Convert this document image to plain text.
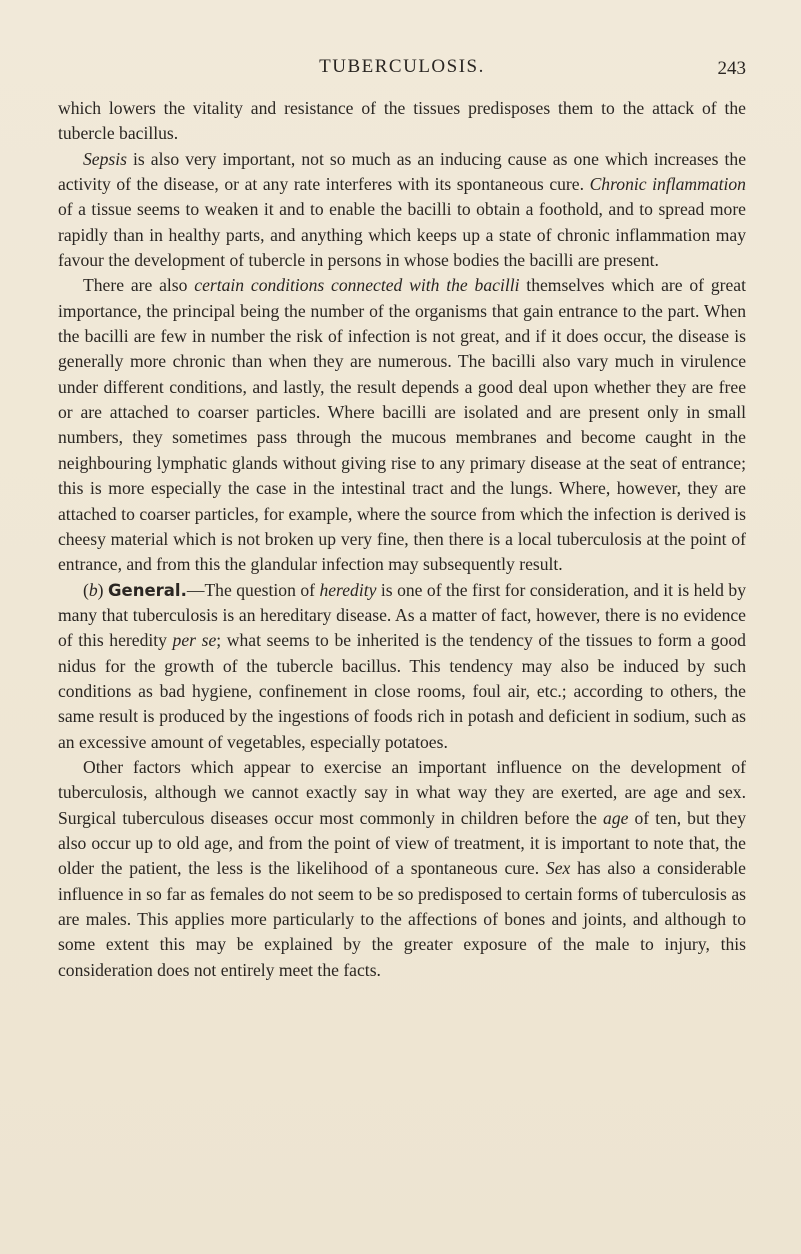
TUBERCULOSIS.	243

which lowers the vitality and resistance of the tissues predisposes them to the attack of the tubercle bacillus.

Sepsis is also very important, not so much as an inducing cause as one which increases the activity of the disease, or at any rate interferes with its spontaneous cure. Chronic inflammation of a tissue seems to weaken it and to enable the bacilli to obtain a foothold, and to spread more rapidly than in healthy parts, and anything which keeps up a state of chronic inflammation may favour the development of tubercle in persons in whose bodies the bacilli are present.

There are also certain conditions connected with the bacilli themselves which are of great importance, the principal being the number of the organisms that gain entrance to the part. When the bacilli are few in number the risk of infection is not great, and if it does occur, the disease is generally more chronic than when they are numerous. The bacilli also vary much in virulence under different conditions, and lastly, the result depends a good deal upon whether they are free or are attached to coarser particles. Where bacilli are isolated and are present only in small numbers, they sometimes pass through the mucous membranes and become caught in the neighbouring lymphatic glands without giving rise to any primary disease at the seat of entrance; this is more especially the case in the intestinal tract and the lungs. Where, however, they are attached to coarser particles, for example, where the source from which the infection is derived is cheesy material which is not broken up very fine, then there is a local tuberculosis at the point of entrance, and from this the glandular infection may subsequently result.

(b) General.—The question of heredity is one of the first for consideration, and it is held by many that tuberculosis is an hereditary disease. As a matter of fact, however, there is no evidence of this heredity per se; what seems to be inherited is the tendency of the tissues to form a good nidus for the growth of the tubercle bacillus. This tendency may also be induced by such conditions as bad hygiene, confinement in close rooms, foul air, etc.; according to others, the same result is produced by the ingestions of foods rich in potash and deficient in sodium, such as an excessive amount of vegetables, especially potatoes.

Other factors which appear to exercise an important influence on the development of tuberculosis, although we cannot exactly say in what way they are exerted, are age and sex. Surgical tuberculous diseases occur most commonly in children before the age of ten, but they also occur up to old age, and from the point of view of treatment, it is important to note that, the older the patient, the less is the likelihood of a spontaneous cure. Sex has also a considerable influence in so far as females do not seem to be so predisposed to certain forms of tuberculosis as are males. This applies more particularly to the affections of bones and joints, and although to some extent this may be explained by the greater exposure of the male to injury, this consideration does not entirely meet the facts.
